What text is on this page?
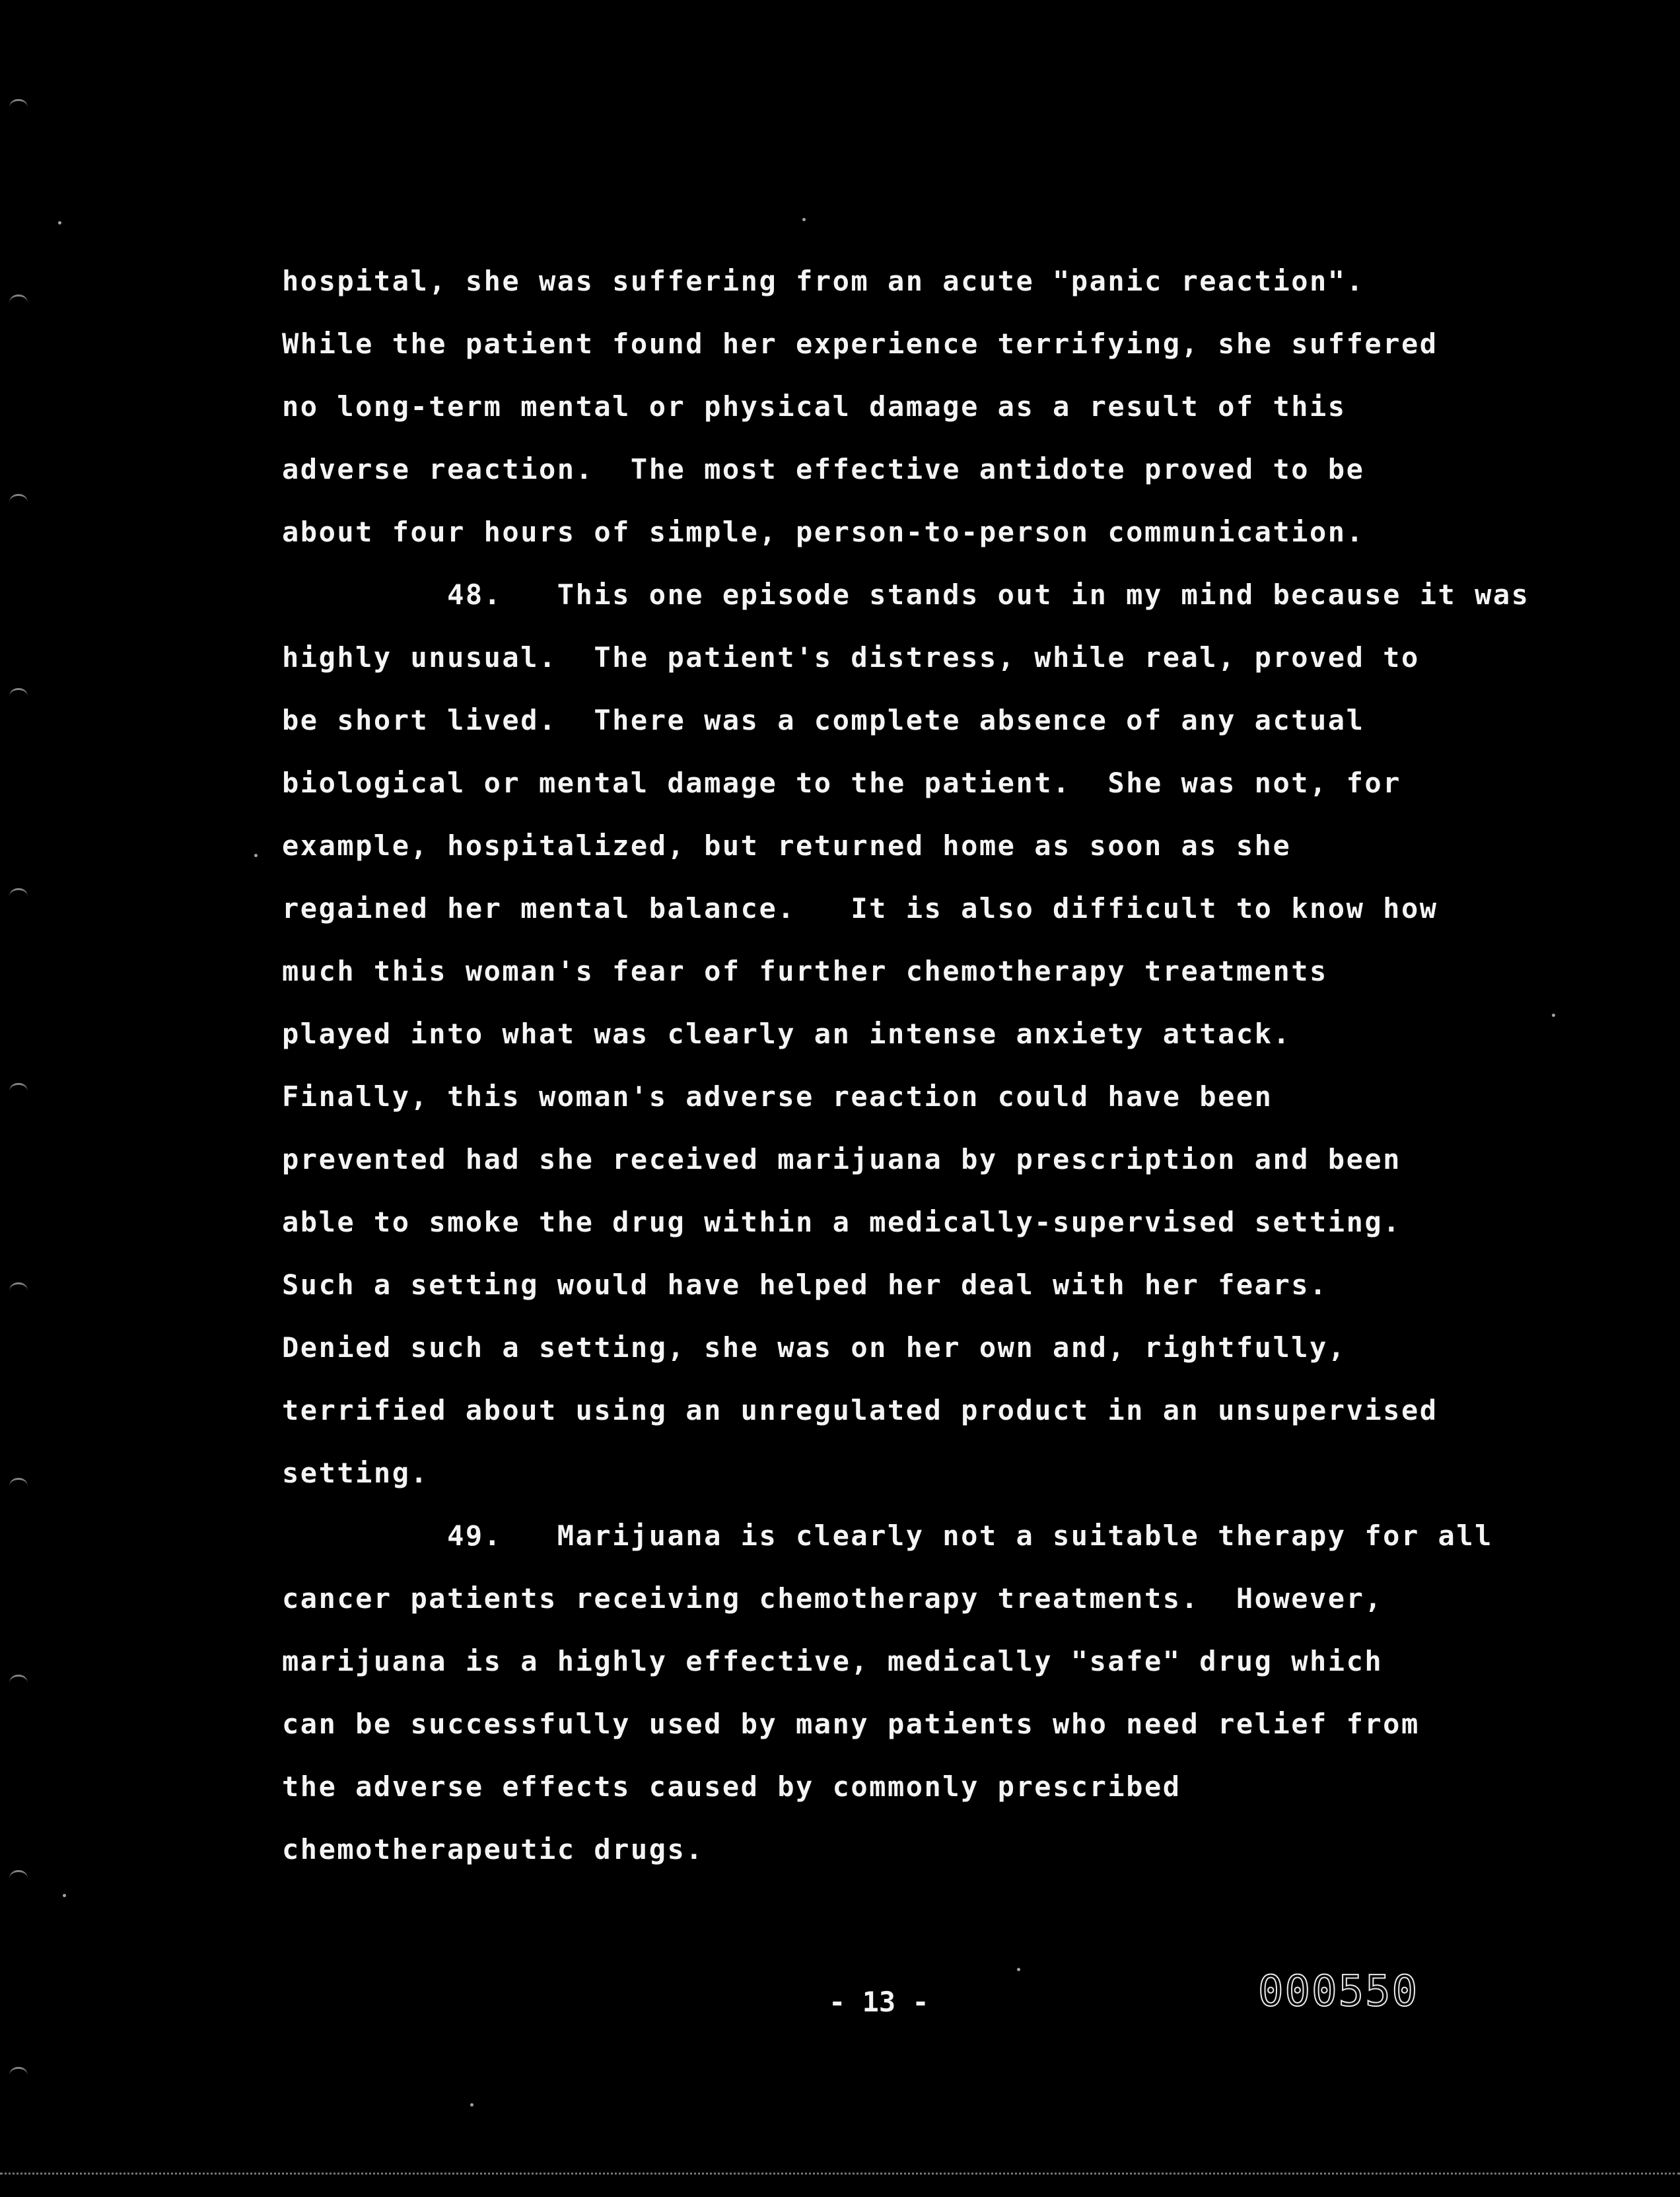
hospital, she was suffering from an acute "panic reaction".
While the patient found her experience terrifying, she suffered
no long-term mental or physical damage as a result of this
adverse reaction.  The most effective antidote proved to be
about four hours of simple, person-to-person communication.
48.   This one episode stands out in my mind because it was
highly unusual.  The patient's distress, while real, proved to
be short lived.  There was a complete absence of any actual
biological or mental damage to the patient.  She was not, for
example, hospitalized, but returned home as soon as she
regained her mental balance.   It is also difficult to know how
much this woman's fear of further chemotherapy treatments
played into what was clearly an intense anxiety attack.
Finally, this woman's adverse reaction could have been
prevented had she received marijuana by prescription and been
able to smoke the drug within a medically-supervised setting.
Such a setting would have helped her deal with her fears.
Denied such a setting, she was on her own and, rightfully,
terrified about using an unregulated product in an unsupervised
setting.
49.   Marijuana is clearly not a suitable therapy for all
cancer patients receiving chemotherapy treatments.  However,
marijuana is a highly effective, medically "safe" drug which
can be successfully used by many patients who need relief from
the adverse effects caused by commonly prescribed
chemotherapeutic drugs.
- 13 -	000550
